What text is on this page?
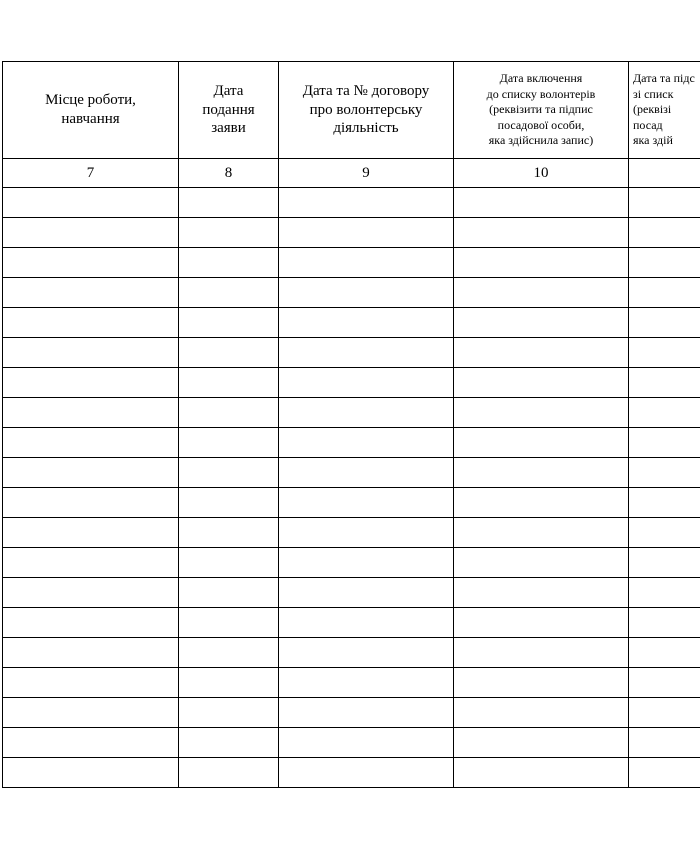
Місце роботи,
навчання	Дата
подання
заяви	Дата та № договору
про волонтерську
діяльність	Дата включення
до списку волонтерів
(реквізити та підпис
посадової особи,
яка здійснила запис)	Дата та підс
зі списк
(реквізі
посад
яка здій
7	8	9	10	
